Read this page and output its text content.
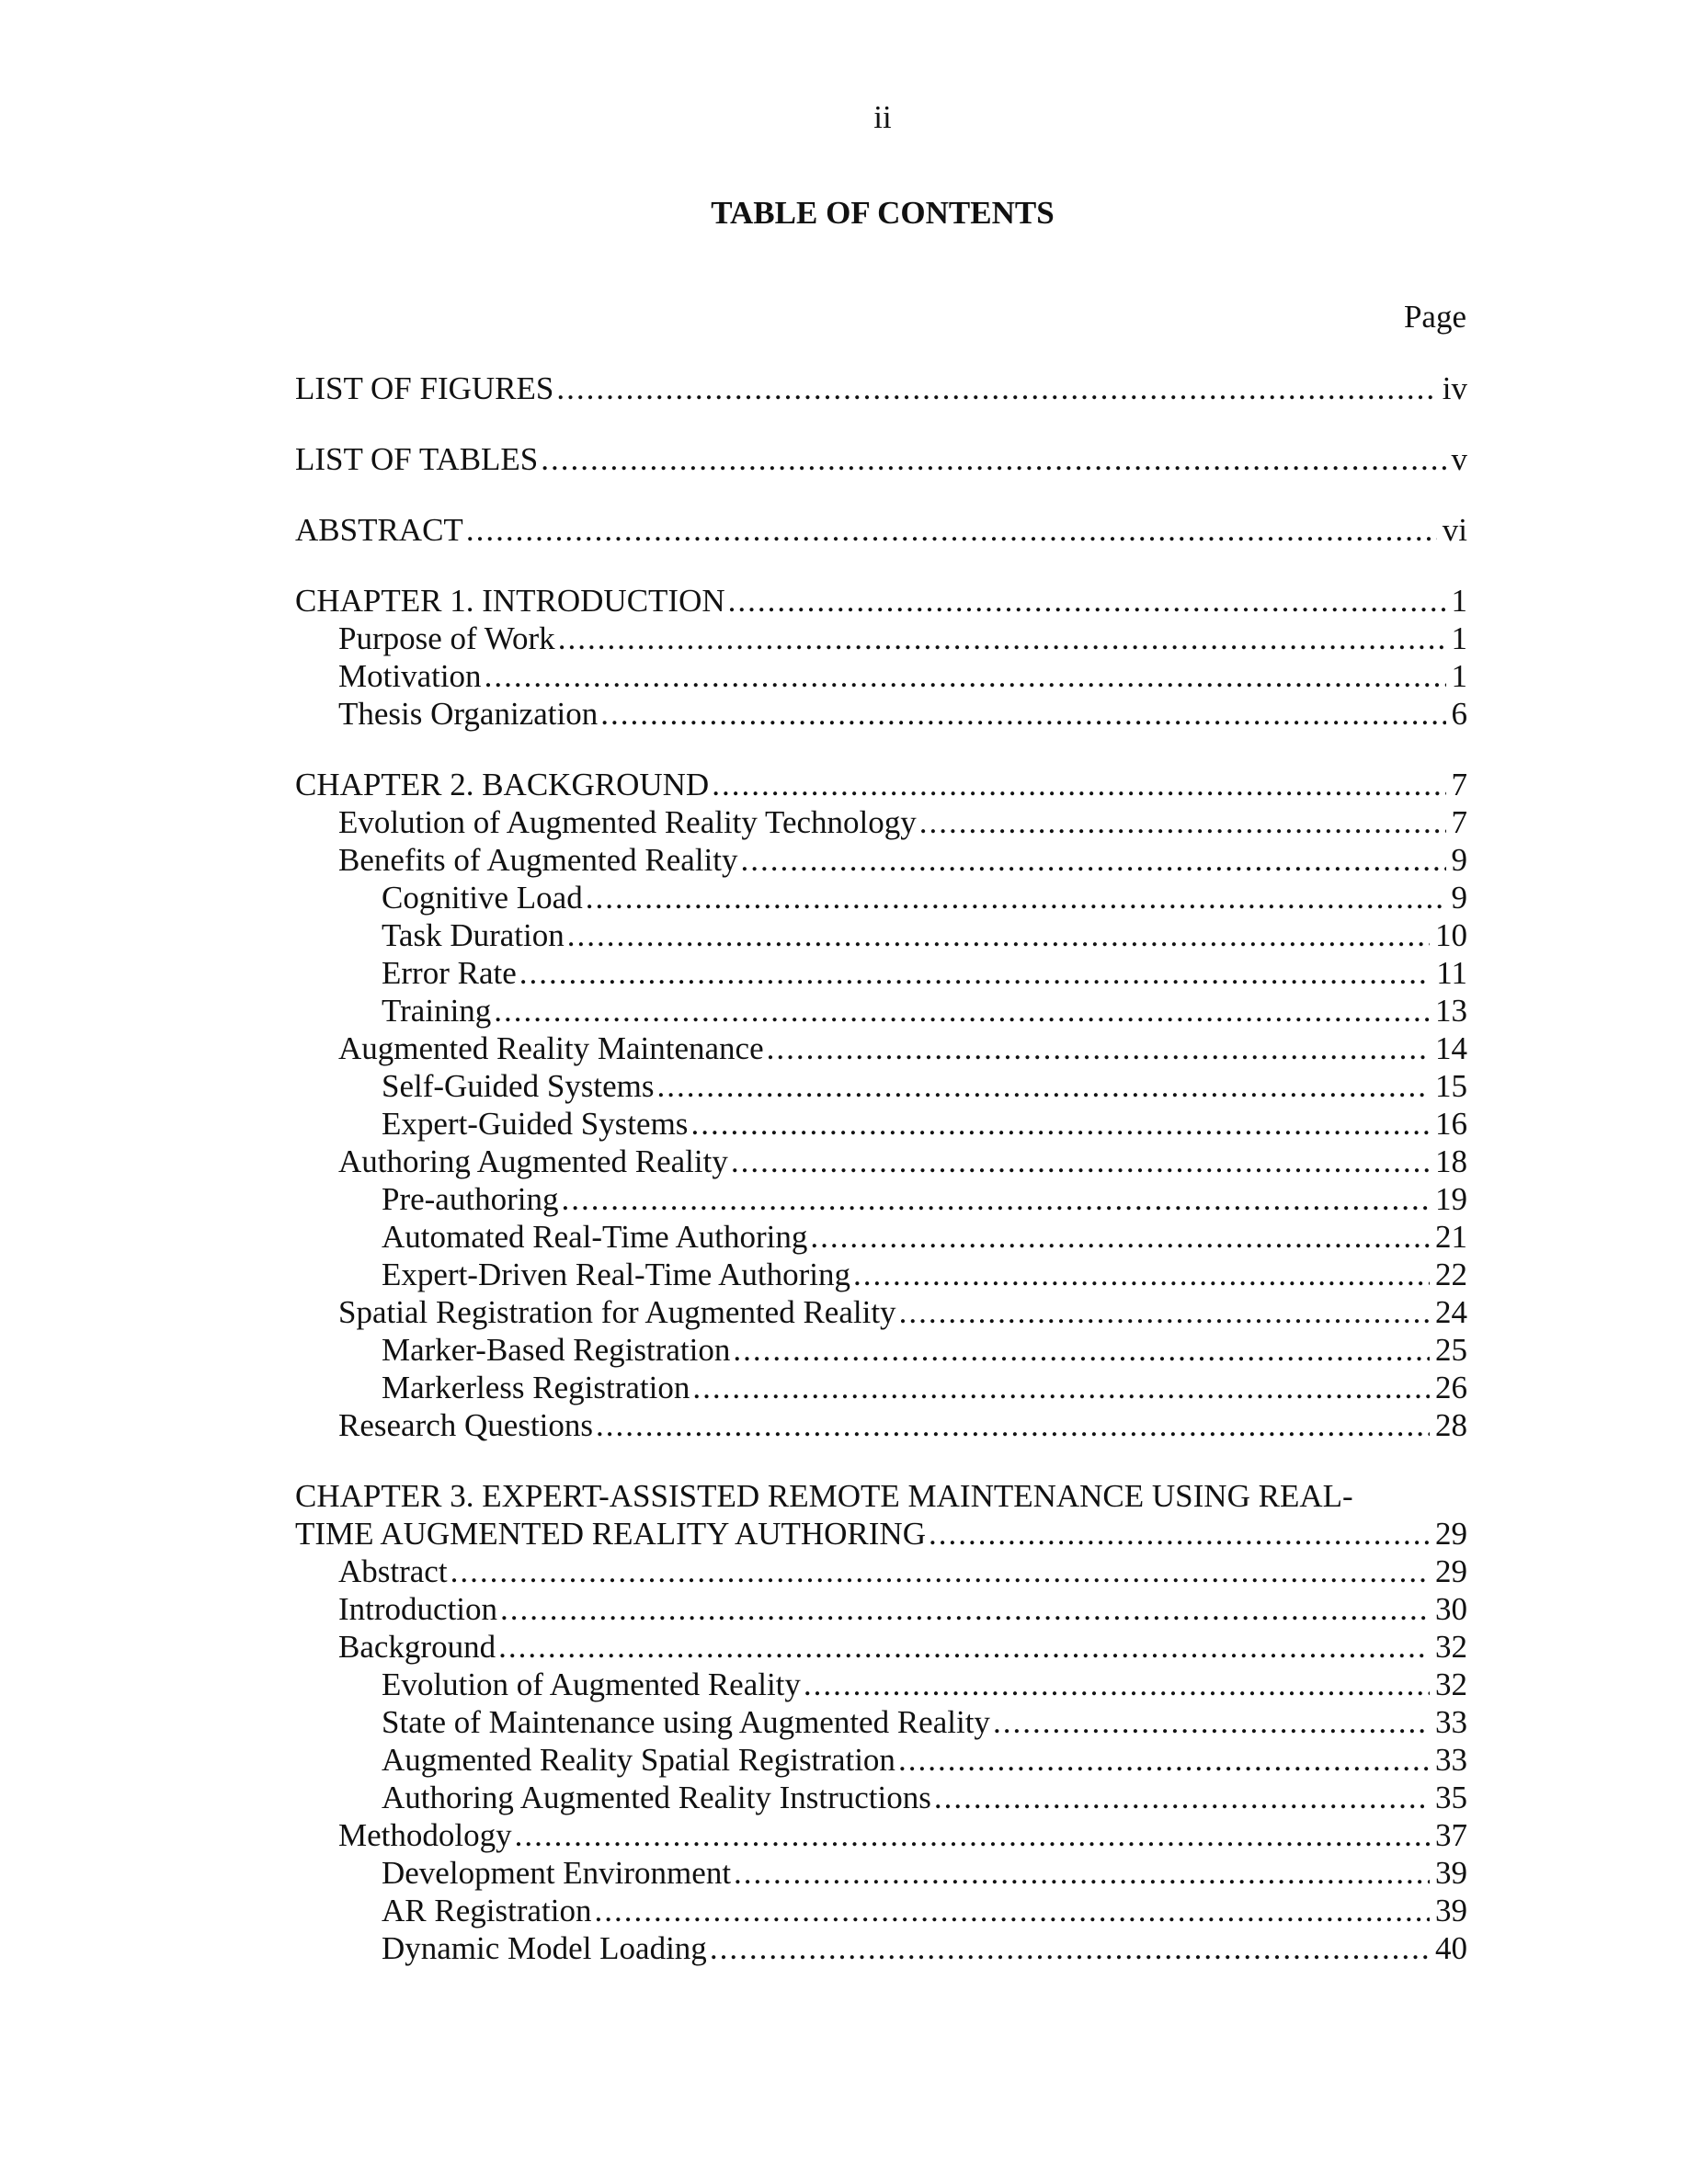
ii
TABLE OF CONTENTS
Page
LIST OF FIGURES .....	iv
LIST OF TABLES .....	v
ABSTRACT .....	vi
CHAPTER 1. INTRODUCTION .....	1
Purpose of Work .....	1
Motivation .....	1
Thesis Organization .....	6
CHAPTER 2. BACKGROUND .....	7
Evolution of Augmented Reality Technology .....	7
Benefits of Augmented Reality .....	9
Cognitive Load .....	9
Task Duration .....	10
Error Rate .....	11
Training .....	13
Augmented Reality Maintenance .....	14
Self-Guided Systems .....	15
Expert-Guided Systems .....	16
Authoring Augmented Reality .....	18
Pre-authoring .....	19
Automated Real-Time Authoring .....	21
Expert-Driven Real-Time Authoring .....	22
Spatial Registration for Augmented Reality .....	24
Marker-Based Registration .....	25
Markerless Registration .....	26
Research Questions .....	28
CHAPTER 3. EXPERT-ASSISTED REMOTE MAINTENANCE USING REAL-
TIME AUGMENTED REALITY AUTHORING .....	29
Abstract .....	29
Introduction .....	30
Background .....	32
Evolution of Augmented Reality .....	32
State of Maintenance using Augmented Reality .....	33
Augmented Reality Spatial Registration .....	33
Authoring Augmented Reality Instructions .....	35
Methodology .....	37
Development Environment .....	39
AR Registration .....	39
Dynamic Model Loading .....	40
